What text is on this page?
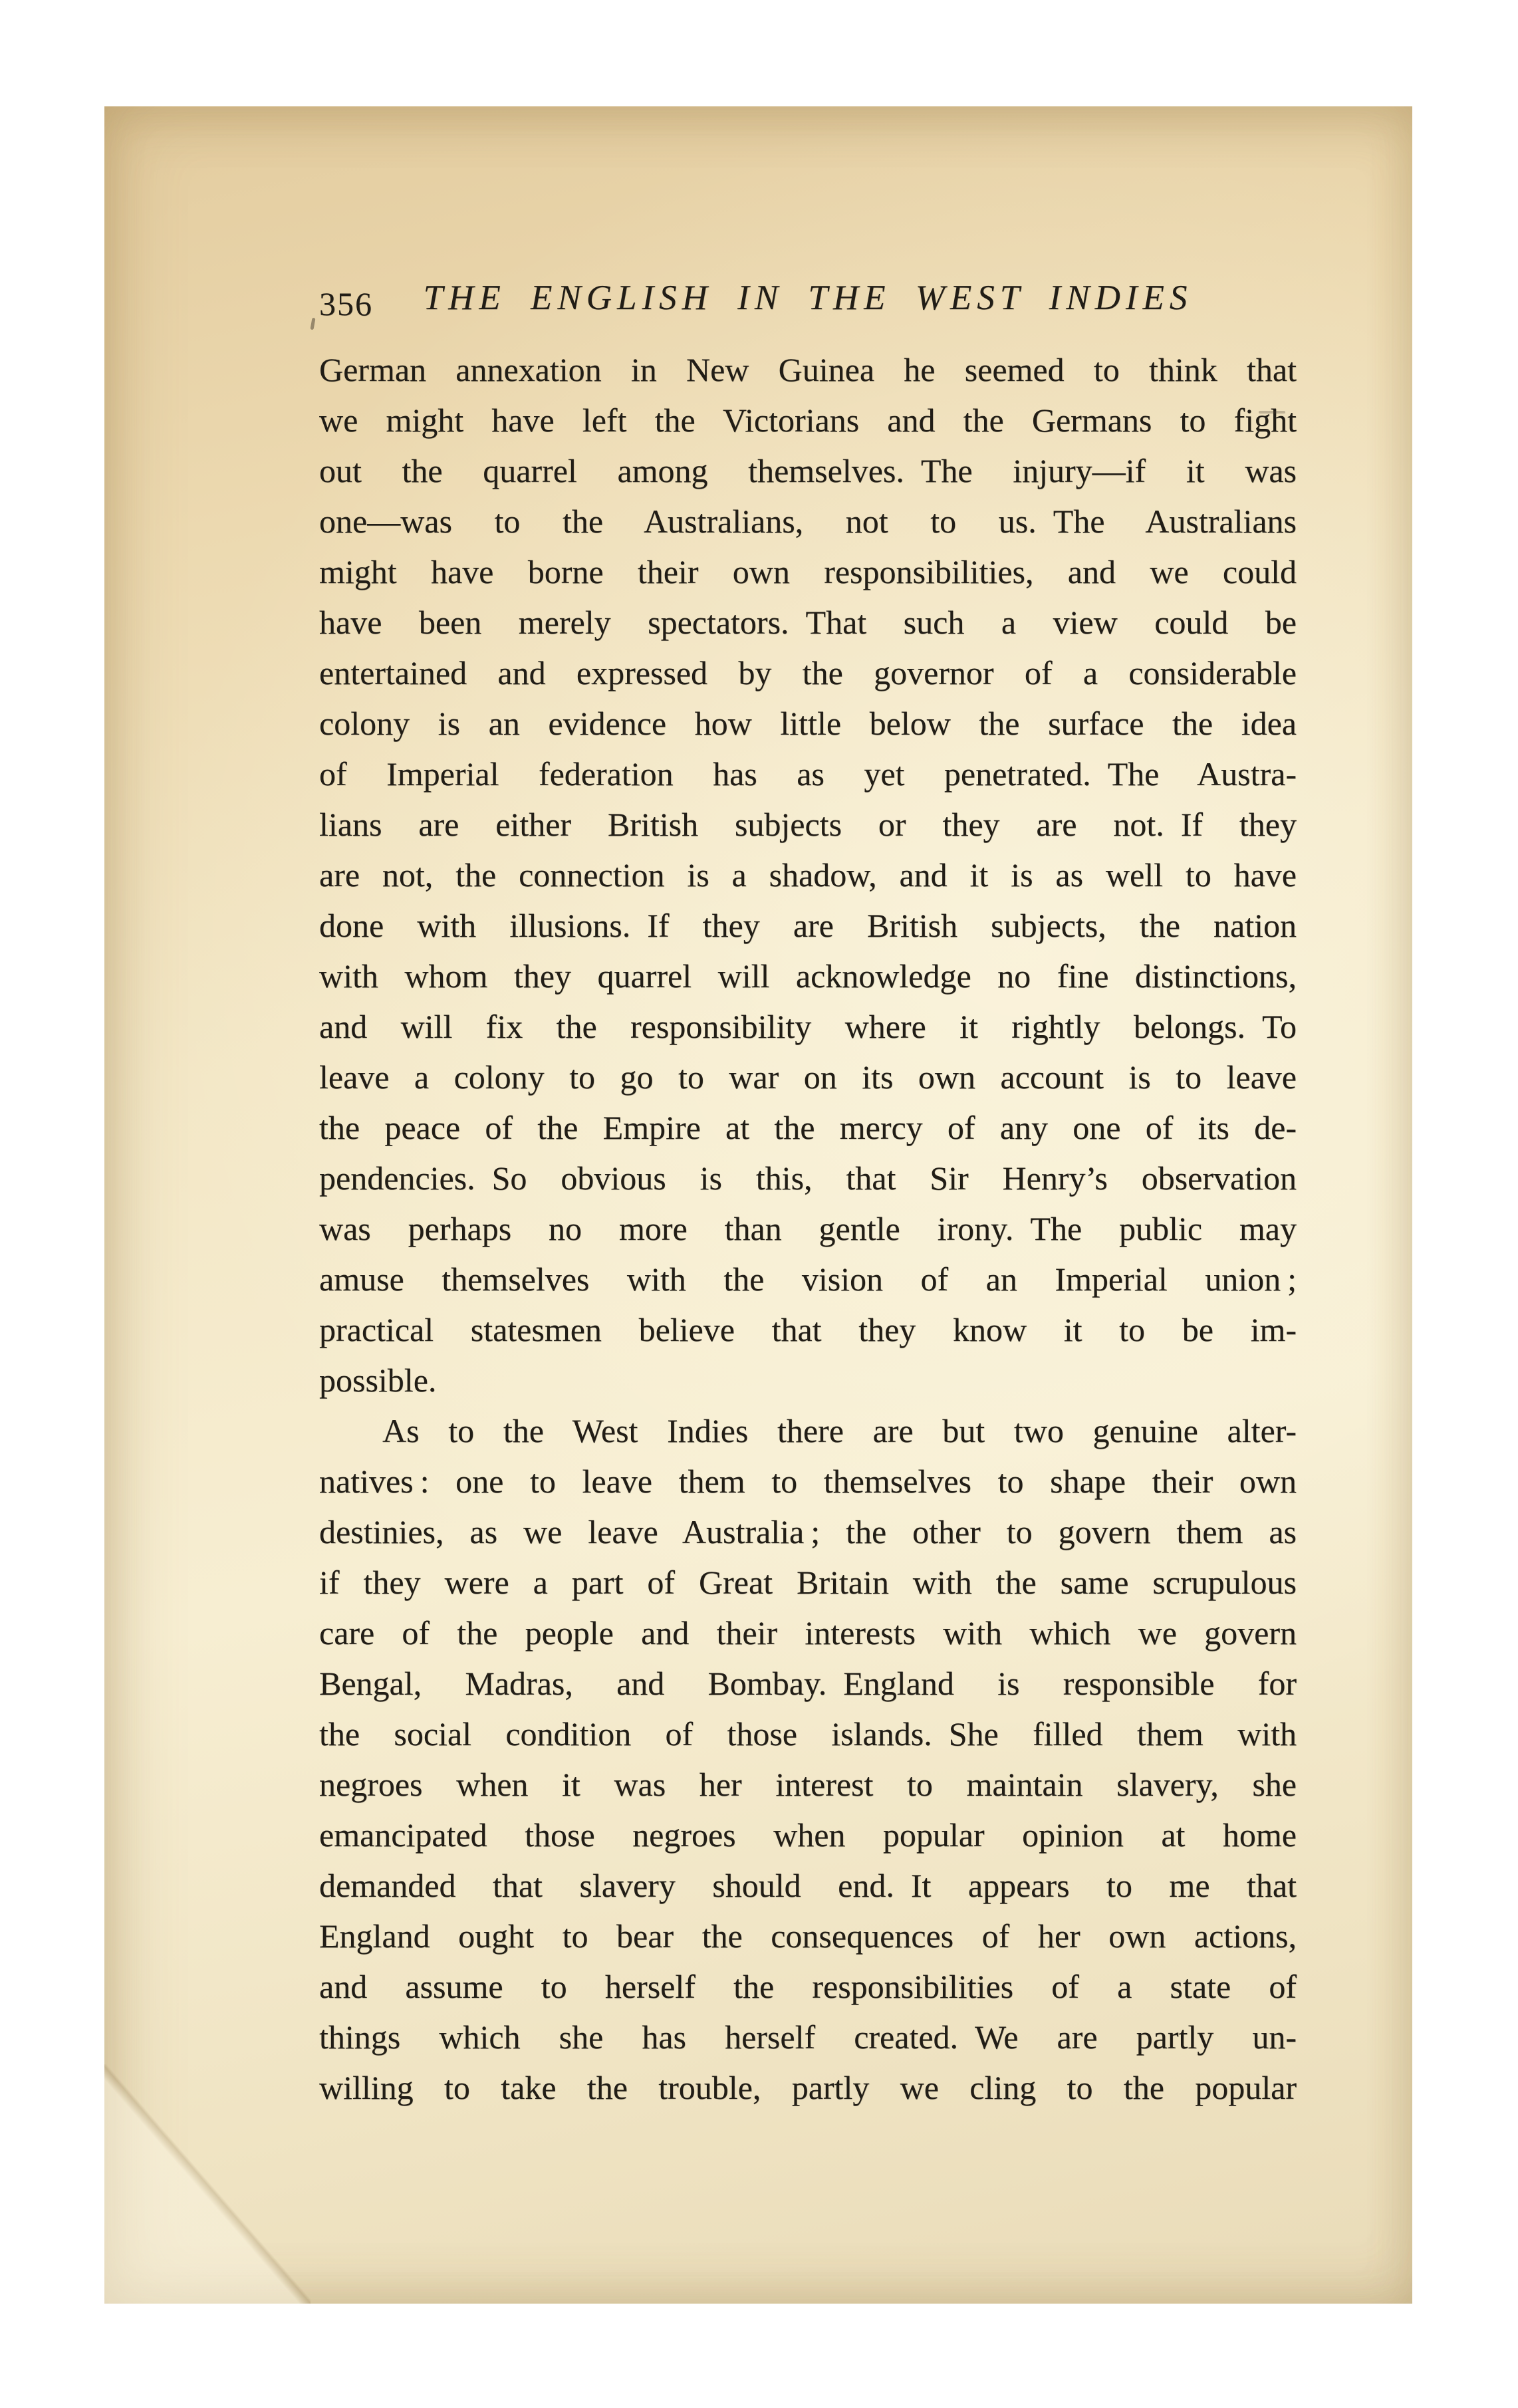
356	THE ENGLISH IN THE WEST INDIES
German annexation in New Guinea he seemed to think that
we might have left the Victorians and the Germans to fight
out the quarrel among themselves. The injury—if it was
one—was to the Australians, not to us. The Australians
might have borne their own responsibilities, and we could
have been merely spectators. That such a view could be
entertained and expressed by the governor of a considerable
colony is an evidence how little below the surface the idea
of Imperial federation has as yet penetrated. The Austra-
lians are either British subjects or they are not. If they
are not, the connection is a shadow, and it is as well to have
done with illusions. If they are British subjects, the nation
with whom they quarrel will acknowledge no fine distinctions,
and will fix the responsibility where it rightly belongs. To
leave a colony to go to war on its own account is to leave
the peace of the Empire at the mercy of any one of its de-
pendencies. So obvious is this, that Sir Henry’s observation
was perhaps no more than gentle irony. The public may
amuse themselves with the vision of an Imperial union ;
practical statesmen believe that they know it to be im-
possible.
As to the West Indies there are but two genuine alter-
natives : one to leave them to themselves to shape their own
destinies, as we leave Australia ; the other to govern them as
if they were a part of Great Britain with the same scrupulous
care of the people and their interests with which we govern
Bengal, Madras, and Bombay. England is responsible for
the social condition of those islands. She filled them with
negroes when it was her interest to maintain slavery, she
emancipated those negroes when popular opinion at home
demanded that slavery should end. It appears to me that
England ought to bear the consequences of her own actions,
and assume to herself the responsibilities of a state of
things which she has herself created. We are partly un-
willing to take the trouble, partly we cling to the popular
